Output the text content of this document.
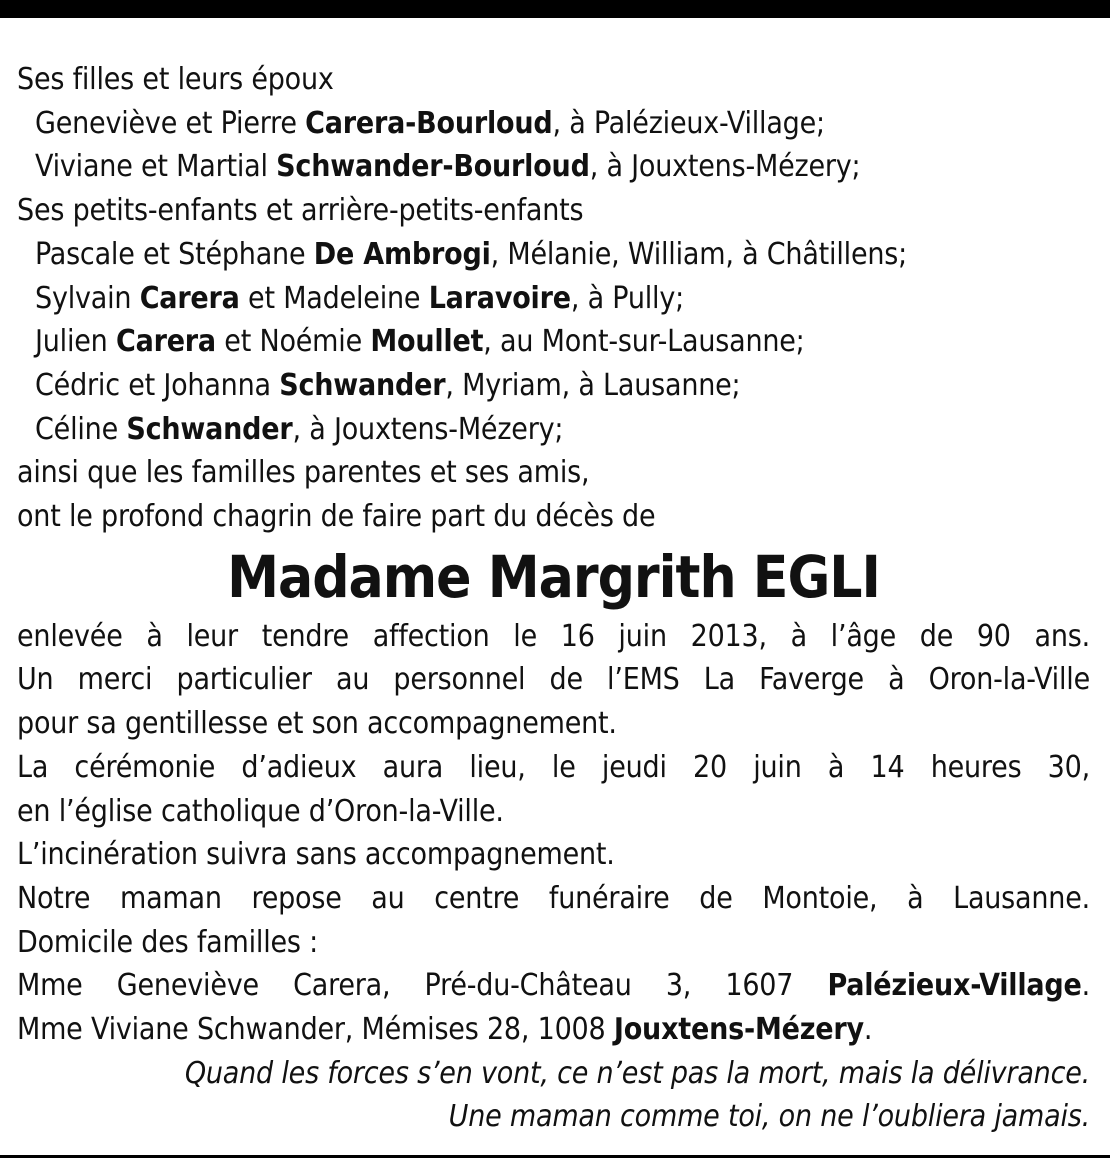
Ses filles et leurs époux
Geneviève et Pierre Carera-Bourloud, à Palézieux-Village;
Viviane et Martial Schwander-Bourloud, à Jouxtens-Mézery;
Ses petits-enfants et arrière-petits-enfants
Pascale et Stéphane De Ambrogi, Mélanie, William, à Châtillens;
Sylvain Carera et Madeleine Laravoire, à Pully;
Julien Carera et Noémie Moullet, au Mont-sur-Lausanne;
Cédric et Johanna Schwander, Myriam, à Lausanne;
Céline Schwander, à Jouxtens-Mézery;
ainsi que les familles parentes et ses amis,
ont le profond chagrin de faire part du décès de
Madame Margrith EGLI
enlevée à leur tendre affection le 16 juin 2013, à l’âge de 90 ans.
Un merci particulier au personnel de l’EMS La Faverge à Oron-la-Ville
pour sa gentillesse et son accompagnement.
La cérémonie d’adieux aura lieu, le jeudi 20 juin à 14 heures 30,
en l’église catholique d’Oron-la-Ville.
L’incinération suivra sans accompagnement.
Notre maman repose au centre funéraire de Montoie, à Lausanne.
Domicile des familles :
Mme Geneviève Carera, Pré-du-Château 3, 1607 Palézieux-Village.
Mme Viviane Schwander, Mémises 28, 1008 Jouxtens-Mézery.
Quand les forces s’en vont, ce n’est pas la mort, mais la délivrance.
Une maman comme toi, on ne l’oubliera jamais.
